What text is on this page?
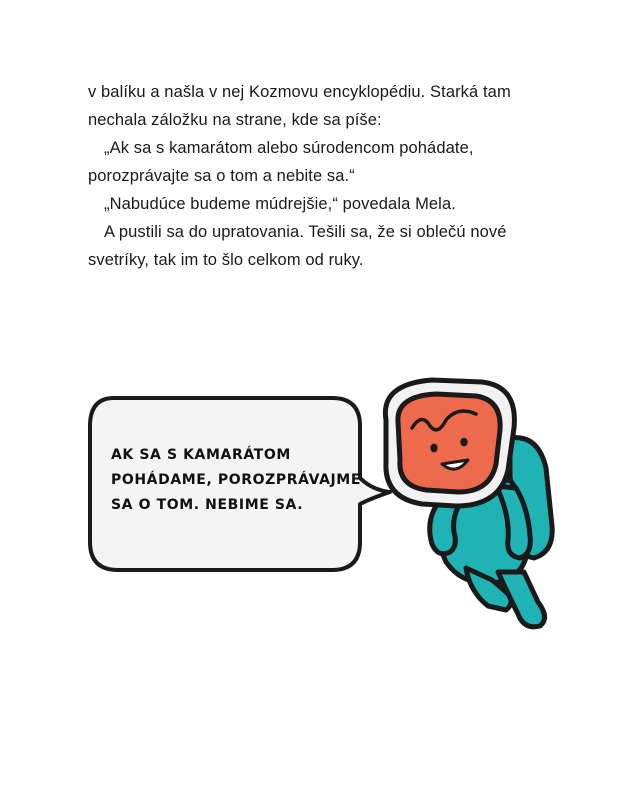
v balíku a našla v nej Kozmovu encyklopédiu. Starká tam

nechala záložku na strane, kde sa píše:

„Ak sa s kamarátom alebo súrodencom pohádate,

porozprávajte sa o tom a nebite sa.“

„Nabudúce budeme múdrejšie,“ povedala Mela.

A pustili sa do upratovania. Tešili sa, že si oblečú nové

svetríky, tak im to šlo celkom od ruky.

AK SA S KAMARÁTOM
POHÁDAME, POROZPRÁVAJME
SA O TOM. NEBIME SA.
